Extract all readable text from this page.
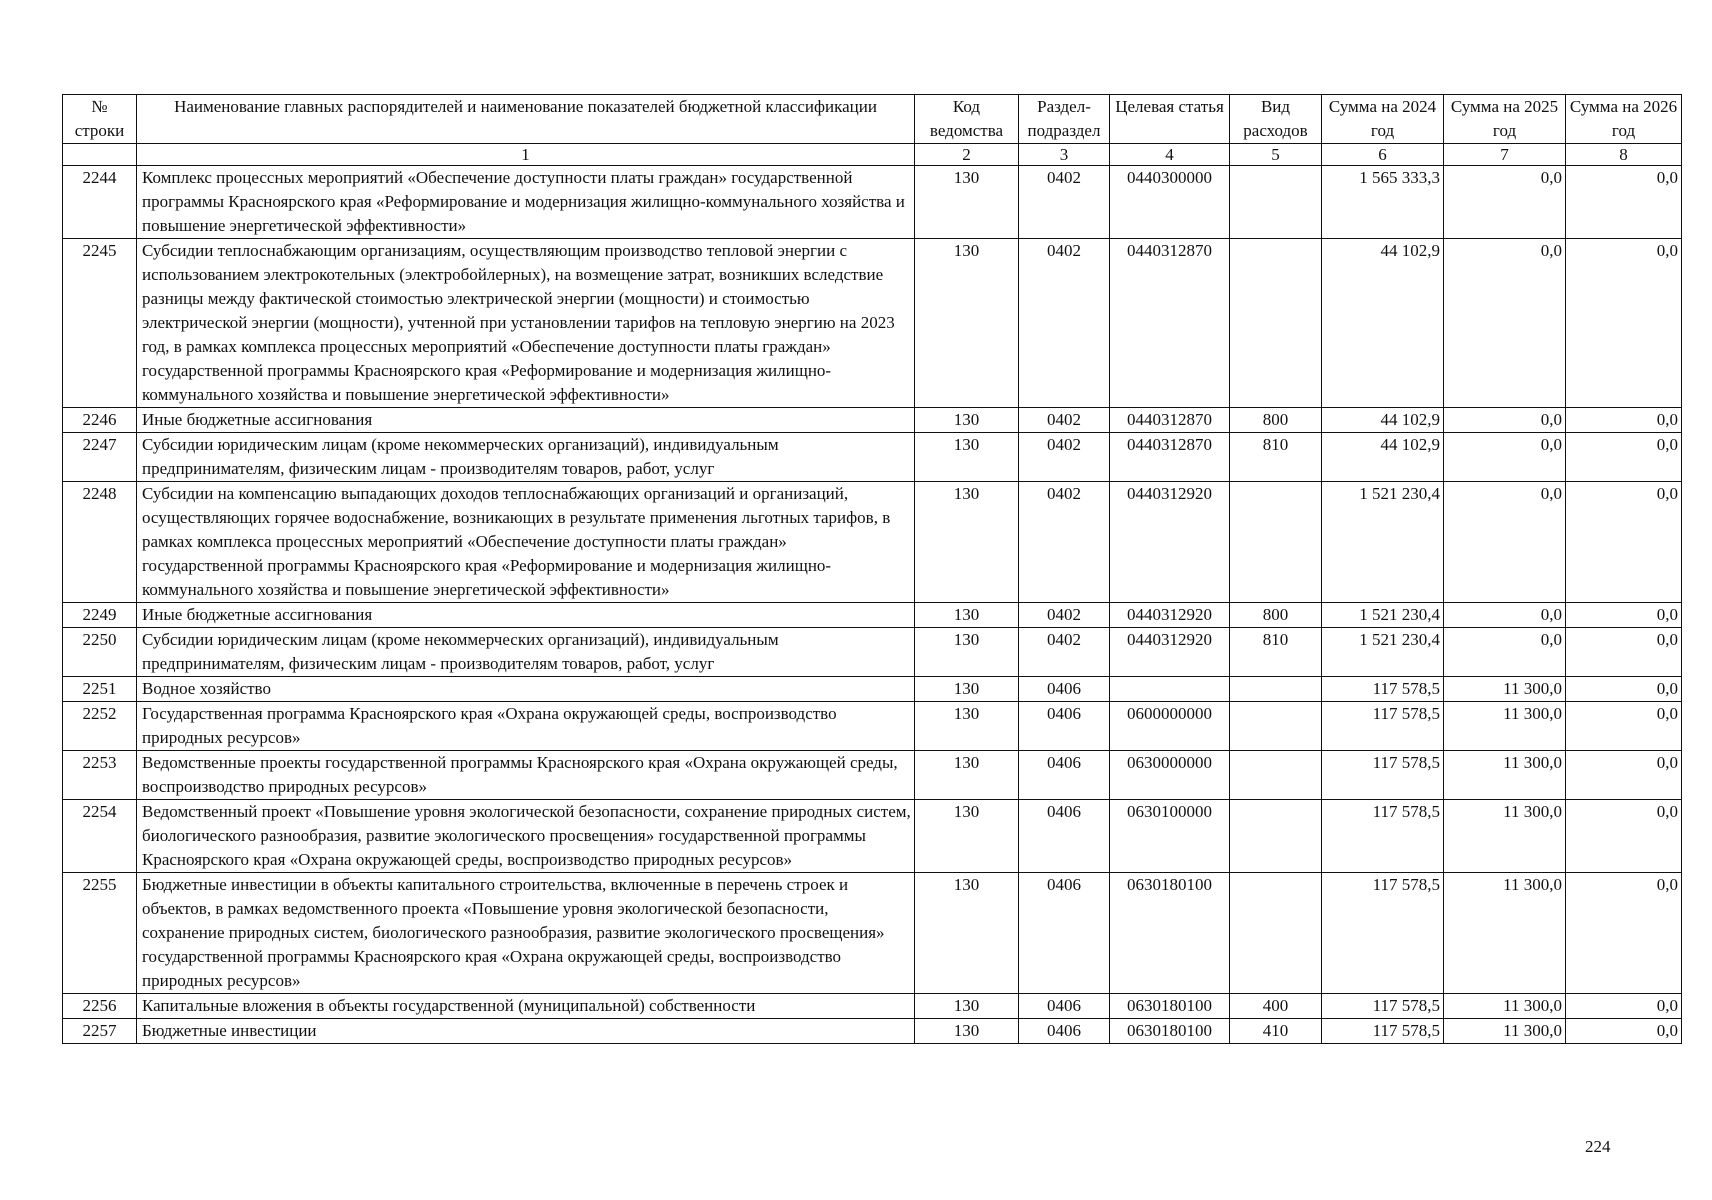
№ строки	Наименование главных распорядителей и наименование показателей бюджетной классификации	Код ведомства	Раздел-подраздел	Целевая статья	Вид расходов	Сумма на 2024 год	Сумма на 2025 год	Сумма на 2026 год
	1	2	3	4	5	6	7	8
2244	Комплекс процессных мероприятий «Обеспечение доступности платы граждан» государственной программы Красноярского края «Реформирование и модернизация жилищно-коммунального хозяйства и повышение энергетической эффективности»	130	0402	0440300000		1 565 333,3	0,0	0,0
2245	Субсидии теплоснабжающим организациям, осуществляющим производство тепловой энергии с использованием электрокотельных (электробойлерных), на возмещение затрат, возникших вследствие разницы между фактической стоимостью электрической энергии (мощности) и стоимостью электрической энергии (мощности), учтенной при установлении тарифов на тепловую энергию на 2023 год, в рамках комплекса процессных мероприятий «Обеспечение доступности платы граждан» государственной программы Красноярского края «Реформирование и модернизация жилищно-коммунального хозяйства и повышение энергетической эффективности»	130	0402	0440312870		44 102,9	0,0	0,0
2246	Иные бюджетные ассигнования	130	0402	0440312870	800	44 102,9	0,0	0,0
2247	Субсидии юридическим лицам (кроме некоммерческих организаций), индивидуальным предпринимателям, физическим лицам - производителям товаров, работ, услуг	130	0402	0440312870	810	44 102,9	0,0	0,0
2248	Субсидии на компенсацию выпадающих доходов теплоснабжающих организаций и организаций, осуществляющих горячее водоснабжение, возникающих в результате применения льготных тарифов, в рамках комплекса процессных мероприятий «Обеспечение доступности платы граждан» государственной программы Красноярского края «Реформирование и модернизация жилищно-коммунального хозяйства и повышение энергетической эффективности»	130	0402	0440312920		1 521 230,4	0,0	0,0
2249	Иные бюджетные ассигнования	130	0402	0440312920	800	1 521 230,4	0,0	0,0
2250	Субсидии юридическим лицам (кроме некоммерческих организаций), индивидуальным предпринимателям, физическим лицам - производителям товаров, работ, услуг	130	0402	0440312920	810	1 521 230,4	0,0	0,0
2251	Водное хозяйство	130	0406			117 578,5	11 300,0	0,0
2252	Государственная программа Красноярского края «Охрана окружающей среды, воспроизводство природных ресурсов»	130	0406	0600000000		117 578,5	11 300,0	0,0
2253	Ведомственные проекты государственной программы Красноярского края «Охрана окружающей среды, воспроизводство природных ресурсов»	130	0406	0630000000		117 578,5	11 300,0	0,0
2254	Ведомственный проект «Повышение уровня экологической безопасности, сохранение природных систем, биологического разнообразия, развитие экологического просвещения» государственной программы Красноярского края «Охрана окружающей среды, воспроизводство природных ресурсов»	130	0406	0630100000		117 578,5	11 300,0	0,0
2255	Бюджетные инвестиции в объекты капитального строительства, включенные в перечень строек и объектов, в рамках ведомственного проекта «Повышение уровня экологической безопасности, сохранение природных систем, биологического разнообразия, развитие экологического просвещения» государственной программы Красноярского края «Охрана окружающей среды, воспроизводство природных ресурсов»	130	0406	0630180100		117 578,5	11 300,0	0,0
2256	Капитальные вложения в объекты государственной (муниципальной) собственности	130	0406	0630180100	400	117 578,5	11 300,0	0,0
2257	Бюджетные инвестиции	130	0406	0630180100	410	117 578,5	11 300,0	0,0
224
